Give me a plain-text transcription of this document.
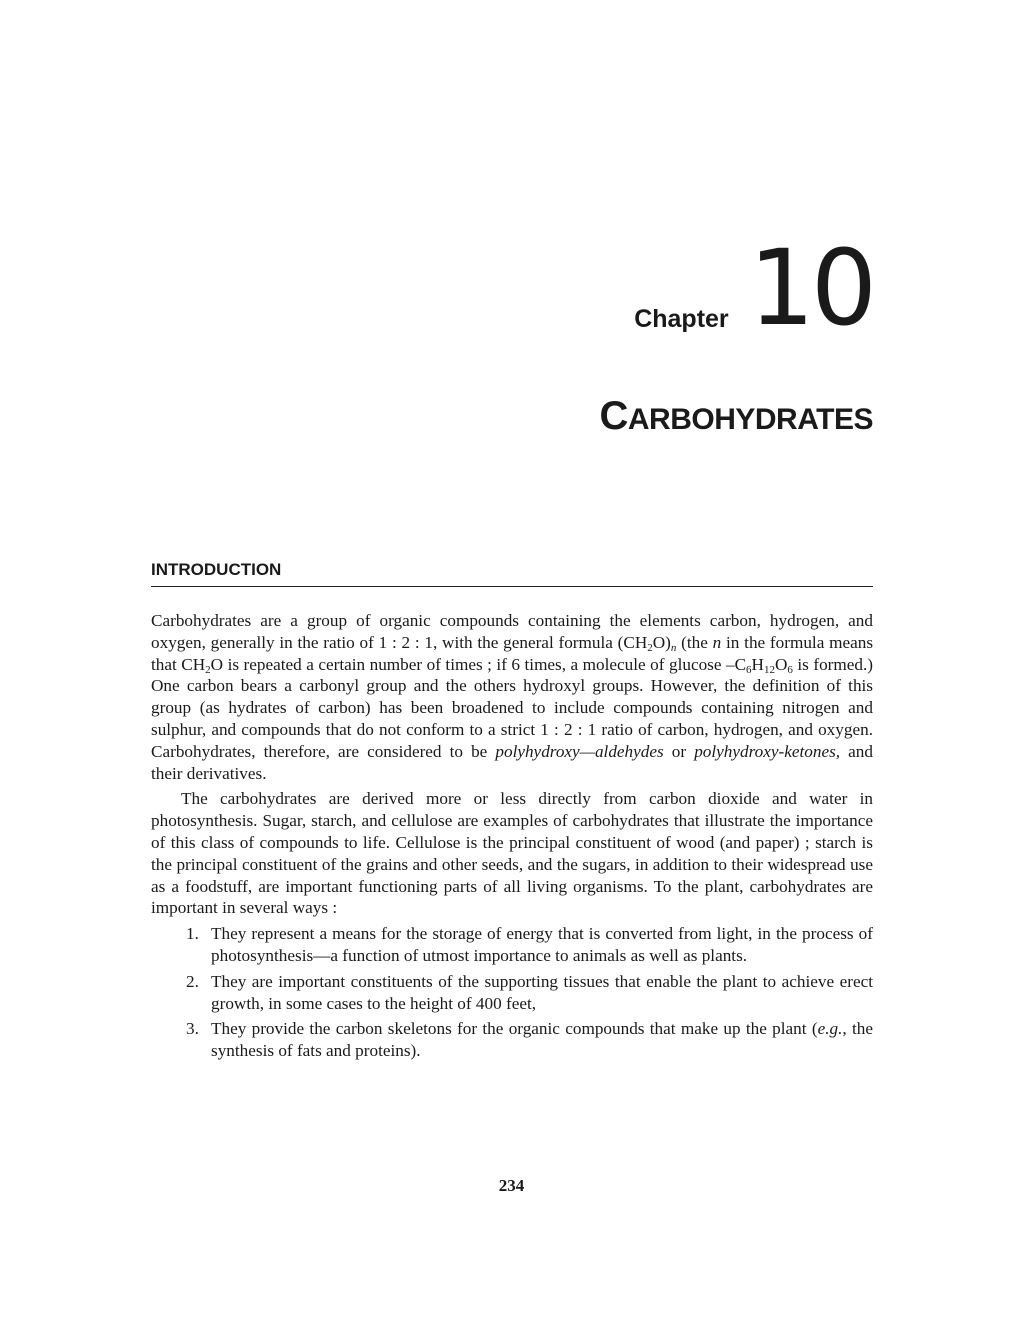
Chapter 10
CARBOHYDRATES
INTRODUCTION

Carbohydrates are a group of organic compounds containing the elements carbon, hydrogen, and oxygen, generally in the ratio of 1 : 2 : 1, with the general formula $(CH_2O)_n$ (the n in the formula means that $CH_2O$ is repeated a certain number of times ; if 6 times, a molecule of glucose $-C_6H_{12}O_6$ is formed.) One carbon bears a carbonyl group and the others hydroxyl groups. However, the definition of this group (as hydrates of carbon) has been broadened to include compounds containing nitrogen and sulphur, and compounds that do not conform to a strict 1 : 2 : 1 ratio of carbon, hydrogen, and oxygen. Carbohydrates, therefore, are considered to be polyhydroxy—aldehydes or polyhydroxy-ketones, and their derivatives.

The carbohydrates are derived more or less directly from carbon dioxide and water in photosynthesis. Sugar, starch, and cellulose are examples of carbohydrates that illustrate the importance of this class of compounds to life. Cellulose is the principal constituent of wood (and paper) ; starch is the principal constituent of the grains and other seeds, and the sugars, in addition to their widespread use as a foodstuff, are important functioning parts of all living organisms. To the plant, carbohydrates are important in several ways :

1. They represent a means for the storage of energy that is converted from light, in the process of photosynthesis—a function of utmost importance to animals as well as plants.
2. They are important constituents of the supporting tissues that enable the plant to achieve erect growth, in some cases to the height of 400 feet,
3. They provide the carbon skeletons for the organic compounds that make up the plant (e.g., the synthesis of fats and proteins).
234
